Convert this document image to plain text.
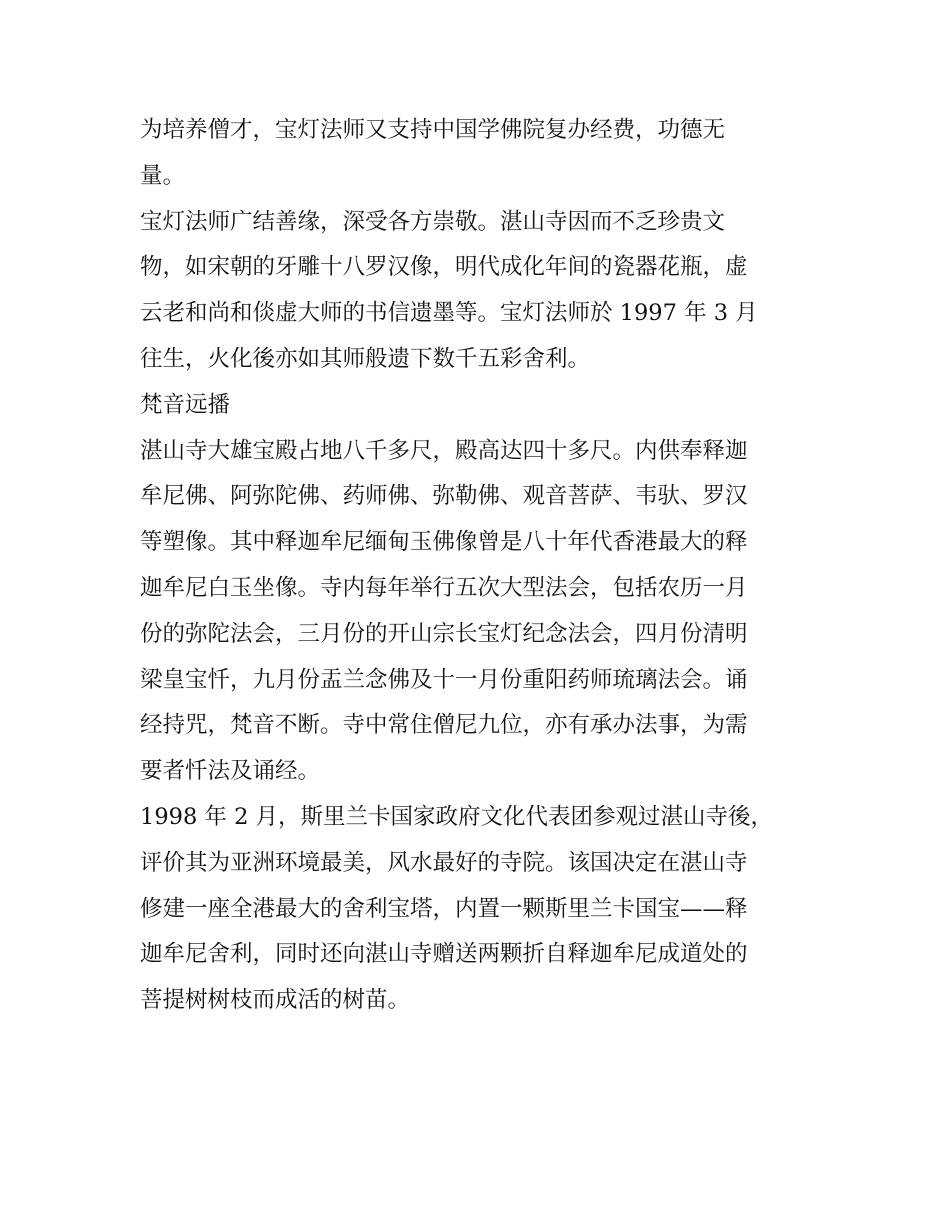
为培养僧才，宝灯法师又支持中国学佛院复办经费，功德无
量。
宝灯法师广结善缘，深受各方崇敬。湛山寺因而不乏珍贵文
物，如宋朝的牙雕十八罗汉像，明代成化年间的瓷器花瓶，虚
云老和尚和倓虚大师的书信遗墨等。宝灯法师於 1997 年 3 月
往生，火化後亦如其师般遗下数千五彩舍利。
梵音远播
湛山寺大雄宝殿占地八千多尺，殿高达四十多尺。内供奉释迦
牟尼佛、阿弥陀佛、药师佛、弥勒佛、观音菩萨、韦驮、罗汉
等塑像。其中释迦牟尼缅甸玉佛像曾是八十年代香港最大的释
迦牟尼白玉坐像。寺内每年举行五次大型法会，包括农历一月
份的弥陀法会，三月份的开山宗长宝灯纪念法会，四月份清明
梁皇宝忏，九月份盂兰念佛及十一月份重阳药师琉璃法会。诵
经持咒，梵音不断。寺中常住僧尼九位，亦有承办法事，为需
要者忏法及诵经。
1998 年 2 月，斯里兰卡国家政府文化代表团参观过湛山寺後，
评价其为亚洲环境最美，风水最好的寺院。该国决定在湛山寺
修建一座全港最大的舍利宝塔，内置一颗斯里兰卡国宝——释
迦牟尼舍利，同时还向湛山寺赠送两颗折自释迦牟尼成道处的
菩提树树枝而成活的树苗。
